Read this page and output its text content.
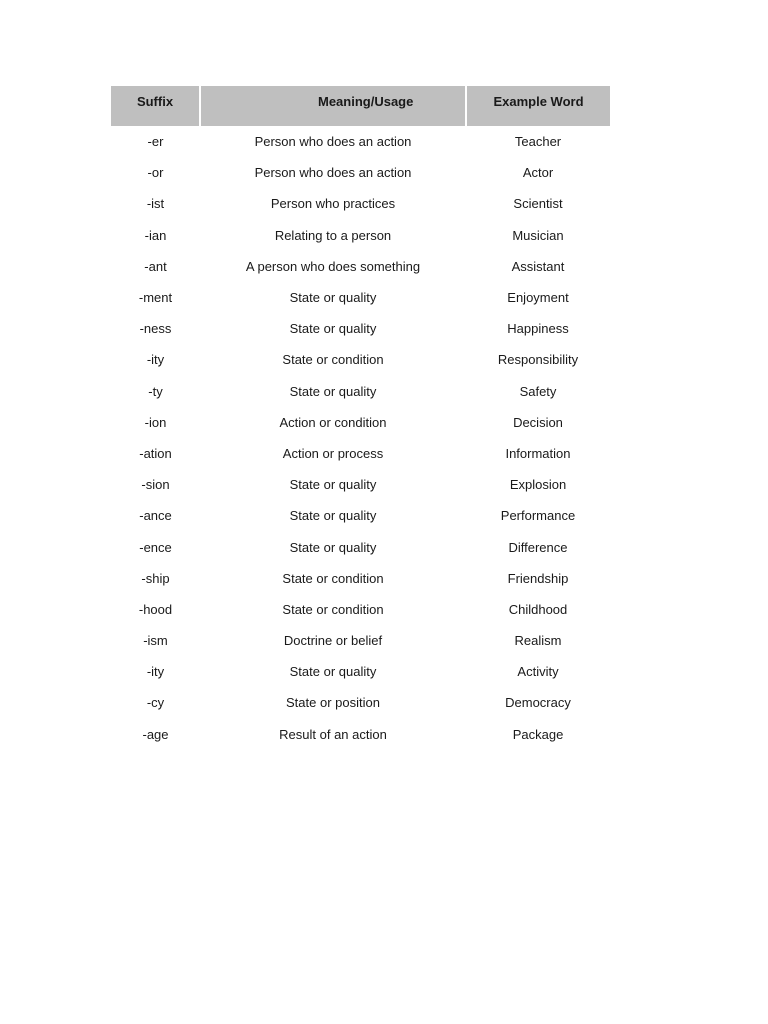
Suffix	Meaning/Usage	Example Word
-er	Person who does an action	Teacher
-or	Person who does an action	Actor
-ist	Person who practices	Scientist
-ian	Relating to a person	Musician
-ant	A person who does something	Assistant
-ment	State or quality	Enjoyment
-ness	State or quality	Happiness
-ity	State or condition	Responsibility
-ty	State or quality	Safety
-ion	Action or condition	Decision
-ation	Action or process	Information
-sion	State or quality	Explosion
-ance	State or quality	Performance
-ence	State or quality	Difference
-ship	State or condition	Friendship
-hood	State or condition	Childhood
-ism	Doctrine or belief	Realism
-ity	State or quality	Activity
-cy	State or position	Democracy
-age	Result of an action	Package
